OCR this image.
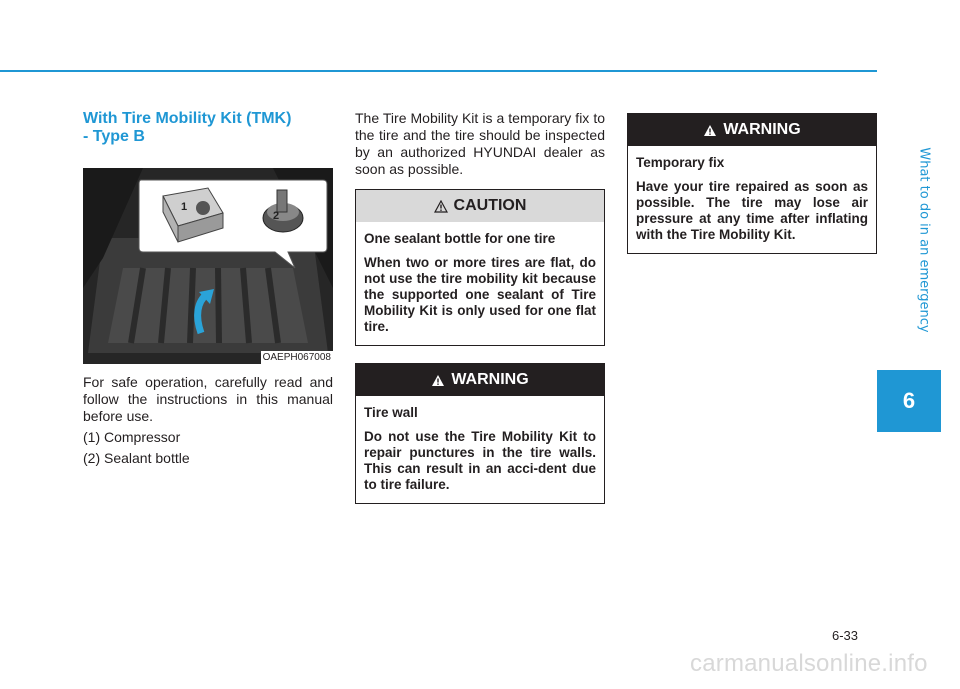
What to do in an emergency
6
With Tire Mobility Kit (TMK)
- Type B
1
2
OAEPH067008

For safe operation, carefully read and follow the instructions in this manual before use.

(1) Compressor

(2) Sealant bottle

The Tire Mobility Kit is a temporary fix to the tire and the tire should be inspected by an authorized HYUNDAI dealer as soon as possible.

CAUTION

One sealant bottle for one tire

When two or more tires are flat, do not use the tire mobility kit because the supported one sealant of Tire Mobility Kit is only used for one flat tire.

WARNING

Tire wall

Do not use the Tire Mobility Kit to repair punctures in the tire walls. This can result in an acci-dent due to tire failure.

WARNING

Temporary fix

Have your tire repaired as soon as possible. The tire may lose air pressure at any time after inflating with the Tire Mobility Kit.

6-33
carmanualsonline.info
